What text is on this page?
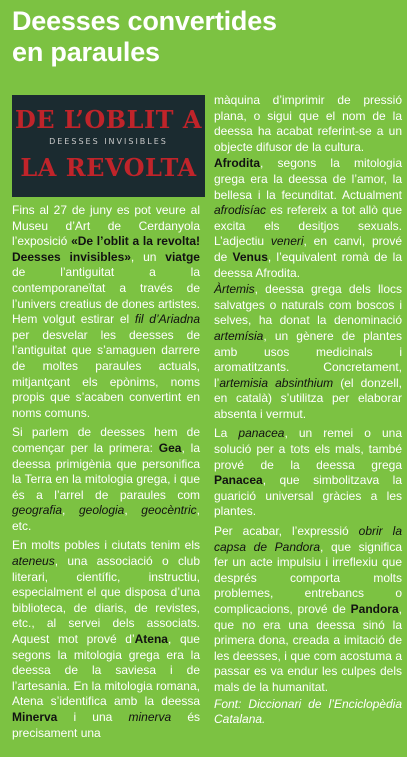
Deesses convertides
en paraules
DE L’OBLIT A
DEESSES INVISIBLES
LA REVOLTA

Fins al 27 de juny es pot veure al Museu d’Art de Cerdanyola l’exposició «De l’oblit a la revolta! Deesses invisibles», un viatge de l’antiguitat a la contemporaneïtat a través de l’univers creatius de dones artistes. Hem volgut estirar el fil d’Ariadna per desvelar les deesses de l’antiguitat que s’amaguen darrere de moltes paraules actuals, mitjantçant els epònims, noms propis que s’acaben convertint en noms comuns.

Si parlem de deesses hem de començar per la primera: Gea, la deessa primigènia que personifica la Terra en la mitologia grega, i que és a l’arrel de paraules com geografia, geologia, geocèntric, etc.

En molts pobles i ciutats tenim els ateneus, una associació o club literari, científic, instructiu, especialment el que disposa d’una biblioteca, de diaris, de revistes, etc., al servei dels associats. Aquest mot prové d’Atena, que segons la mitologia grega era la deessa de la saviesa i de l’artesania. En la mitologia romana, Atena s’identifica amb la deessa Minerva i una minerva és precisament una

màquina d’imprimir de pressió plana, o sigui que el nom de la deessa ha acabat referint-se a un objecte difusor de la cultura.

Afrodita, segons la mitologia grega era la deessa de l’amor, la bellesa i la fecunditat. Actualment afrodisíac es refereix a tot allò que excita els desitjos sexuals. L’adjectiu veneri, en canvi, prové de Venus, l’equivalent romà de la deessa Afrodita.

Àrtemis, deessa grega dels llocs salvatges o naturals com boscos i selves, ha donat la denominació artemísia, un gènere de plantes amb usos medicinals i aromatitzants. Concretament, l’artemisia absinthium (el donzell, en català) s’utilitza per elaborar absenta i vermut.

La panacea, un remei o una solució per a tots els mals, també prové de la deessa grega Panacea, que simbolitzava la guarició universal gràcies a les plantes.

Per acabar, l’expressió obrir la capsa de Pandora, que significa fer un acte impulsiu i irreflexiu que després comporta molts problemes, entrebancs o complicacions, prové de Pandora, que no era una deessa sinó la primera dona, creada a imitació de les deesses, i que com acostuma a passar es va endur les culpes dels mals de la humanitat.

Font: Diccionari de l’Enciclopèdia Catalana.
